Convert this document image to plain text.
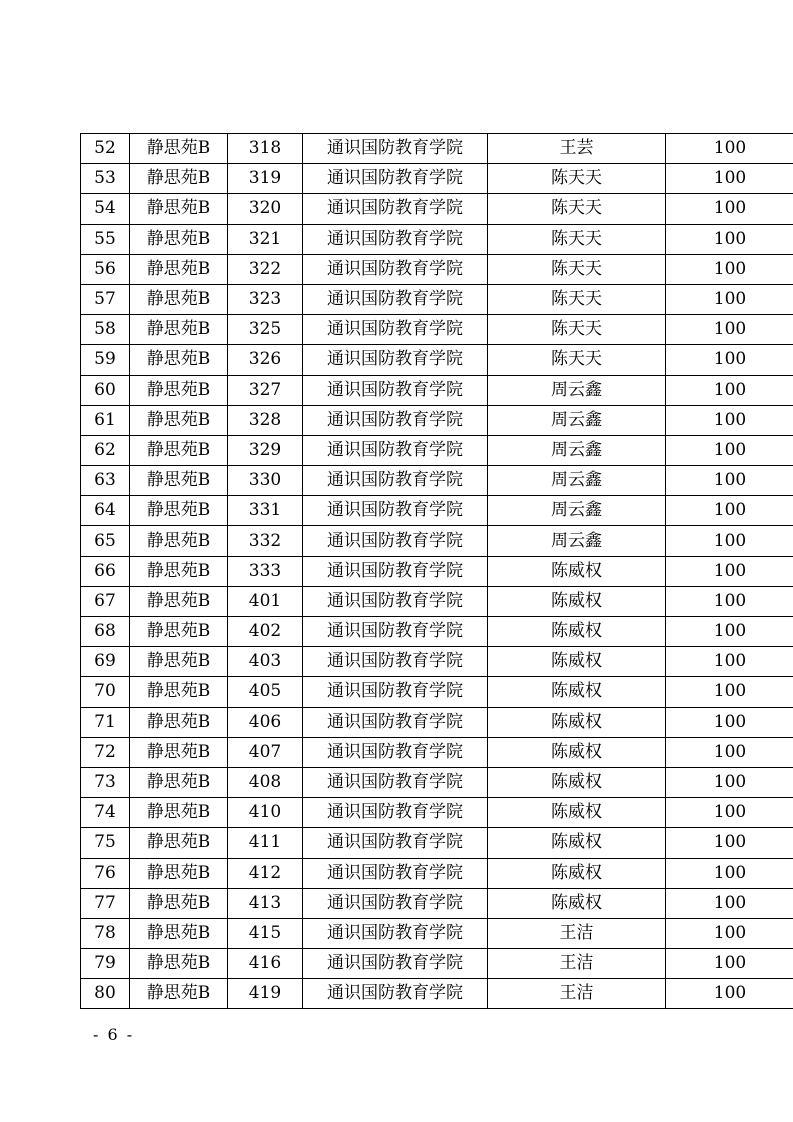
52	静思苑B	318	通识国防教育学院	王芸	100
53	静思苑B	319	通识国防教育学院	陈天天	100
54	静思苑B	320	通识国防教育学院	陈天天	100
55	静思苑B	321	通识国防教育学院	陈天天	100
56	静思苑B	322	通识国防教育学院	陈天天	100
57	静思苑B	323	通识国防教育学院	陈天天	100
58	静思苑B	325	通识国防教育学院	陈天天	100
59	静思苑B	326	通识国防教育学院	陈天天	100
60	静思苑B	327	通识国防教育学院	周云鑫	100
61	静思苑B	328	通识国防教育学院	周云鑫	100
62	静思苑B	329	通识国防教育学院	周云鑫	100
63	静思苑B	330	通识国防教育学院	周云鑫	100
64	静思苑B	331	通识国防教育学院	周云鑫	100
65	静思苑B	332	通识国防教育学院	周云鑫	100
66	静思苑B	333	通识国防教育学院	陈威权	100
67	静思苑B	401	通识国防教育学院	陈威权	100
68	静思苑B	402	通识国防教育学院	陈威权	100
69	静思苑B	403	通识国防教育学院	陈威权	100
70	静思苑B	405	通识国防教育学院	陈威权	100
71	静思苑B	406	通识国防教育学院	陈威权	100
72	静思苑B	407	通识国防教育学院	陈威权	100
73	静思苑B	408	通识国防教育学院	陈威权	100
74	静思苑B	410	通识国防教育学院	陈威权	100
75	静思苑B	411	通识国防教育学院	陈威权	100
76	静思苑B	412	通识国防教育学院	陈威权	100
77	静思苑B	413	通识国防教育学院	陈威权	100
78	静思苑B	415	通识国防教育学院	王洁	100
79	静思苑B	416	通识国防教育学院	王洁	100
80	静思苑B	419	通识国防教育学院	王洁	100
- 6 -
